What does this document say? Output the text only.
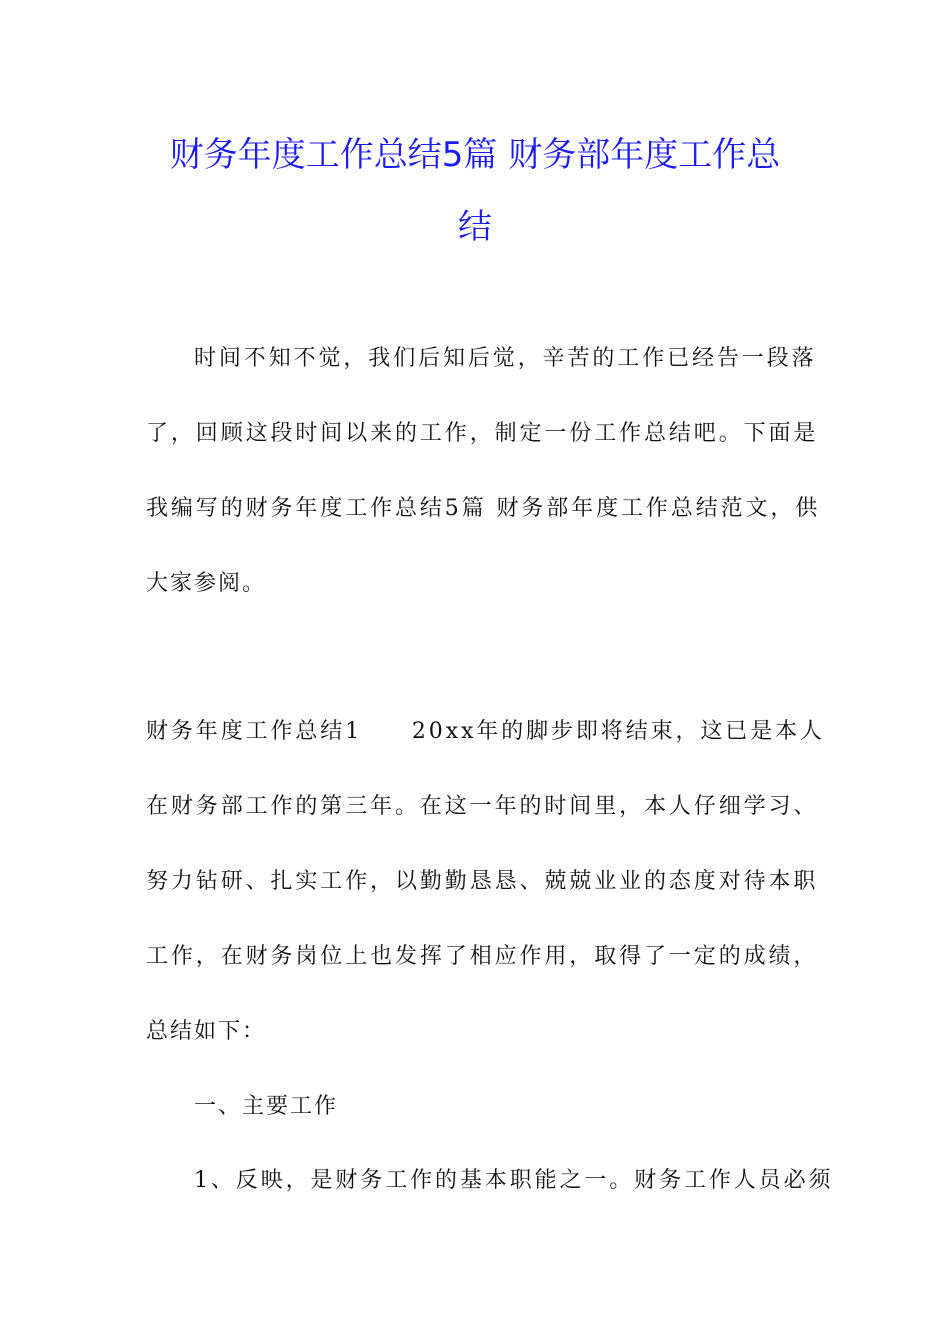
财务年度工作总结5篇 财务部年度工作总
结
时间不知不觉，我们后知后觉，辛苦的工作已经告一段落
了，回顾这段时间以来的工作，制定一份工作总结吧。下面是
我编写的财务年度工作总结5篇 财务部年度工作总结范文，供
大家参阅。
财务年度工作总结1　　20xx年的脚步即将结束，这已是本人
在财务部工作的第三年。在这一年的时间里，本人仔细学习、
努力钻研、扎实工作，以勤勤恳恳、兢兢业业的态度对待本职
工作，在财务岗位上也发挥了相应作用，取得了一定的成绩，
总结如下：
一、主要工作
1、反映，是财务工作的基本职能之一。财务工作人员必须
